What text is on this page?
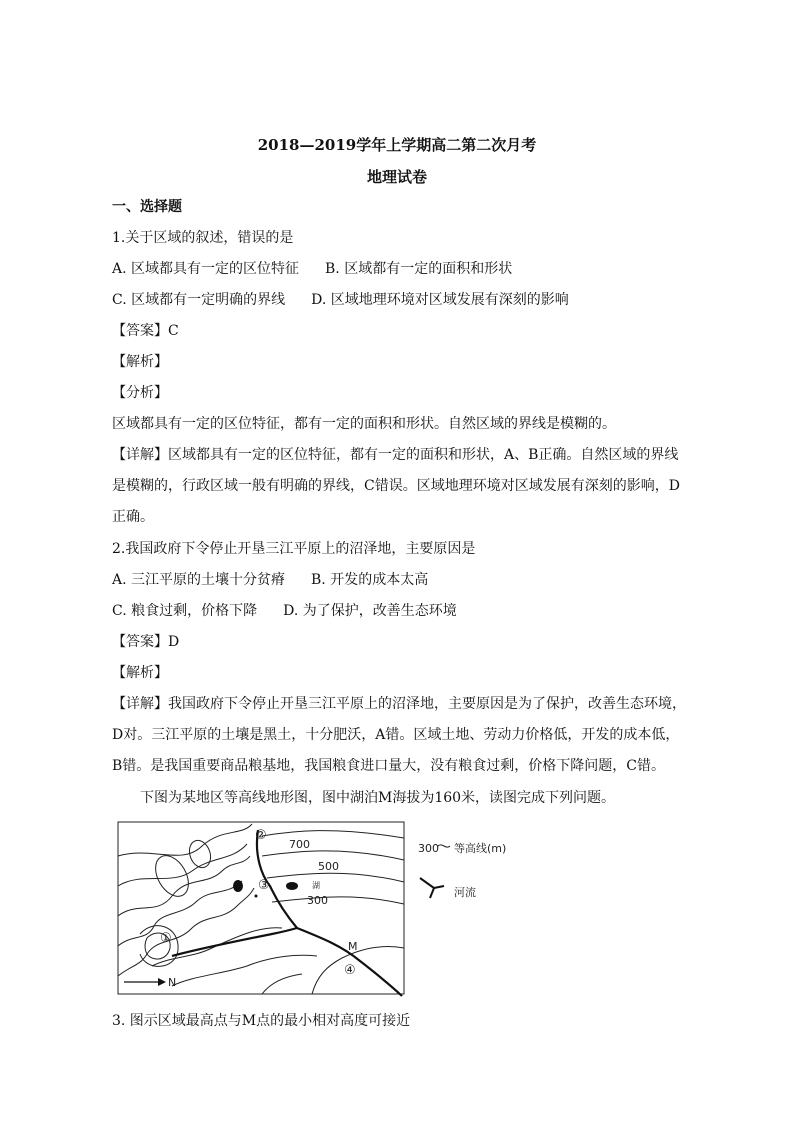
2018—2019学年上学期高二第二次月考
地理试卷
一、选择题
1.关于区域的叙述，错误的是
A. 区域都具有一定的区位特征 B. 区域都有一定的面积和形状
C. 区域都有一定明确的界线 D. 区域地理环境对区域发展有深刻的影响
【答案】C
【解析】
【分析】
区域都具有一定的区位特征，都有一定的面积和形状。自然区域的界线是模糊的。
【详解】区域都具有一定的区位特征，都有一定的面积和形状，A、B正确。自然区域的界线
是模糊的，行政区域一般有明确的界线，C错误。区域地理环境对区域发展有深刻的影响，D
正确。
2.我国政府下令停止开垦三江平原上的沼泽地，主要原因是
A. 三江平原的土壤十分贫瘠 B. 开发的成本太高
C. 粮食过剩，价格下降 D. 为了保护，改善生态环境
【答案】D
【解析】
【详解】我国政府下令停止开垦三江平原上的沼泽地，主要原因是为了保护，改善生态环境，
D对。三江平原的土壤是黑土，十分肥沃，A错。区域土地、劳动力价格低，开发的成本低，
B错。是我国重要商品粮基地，我国粮食进口量大，没有粮食过剩，价格下降问题，C错。
下图为某地区等高线地形图，图中湖泊M海拔为160米，读图完成下列问题。
700
500
300
湖
M
②
③
①
④
N
300 等高线(m)
河流
3. 图示区域最高点与M点的最小相对高度可接近
